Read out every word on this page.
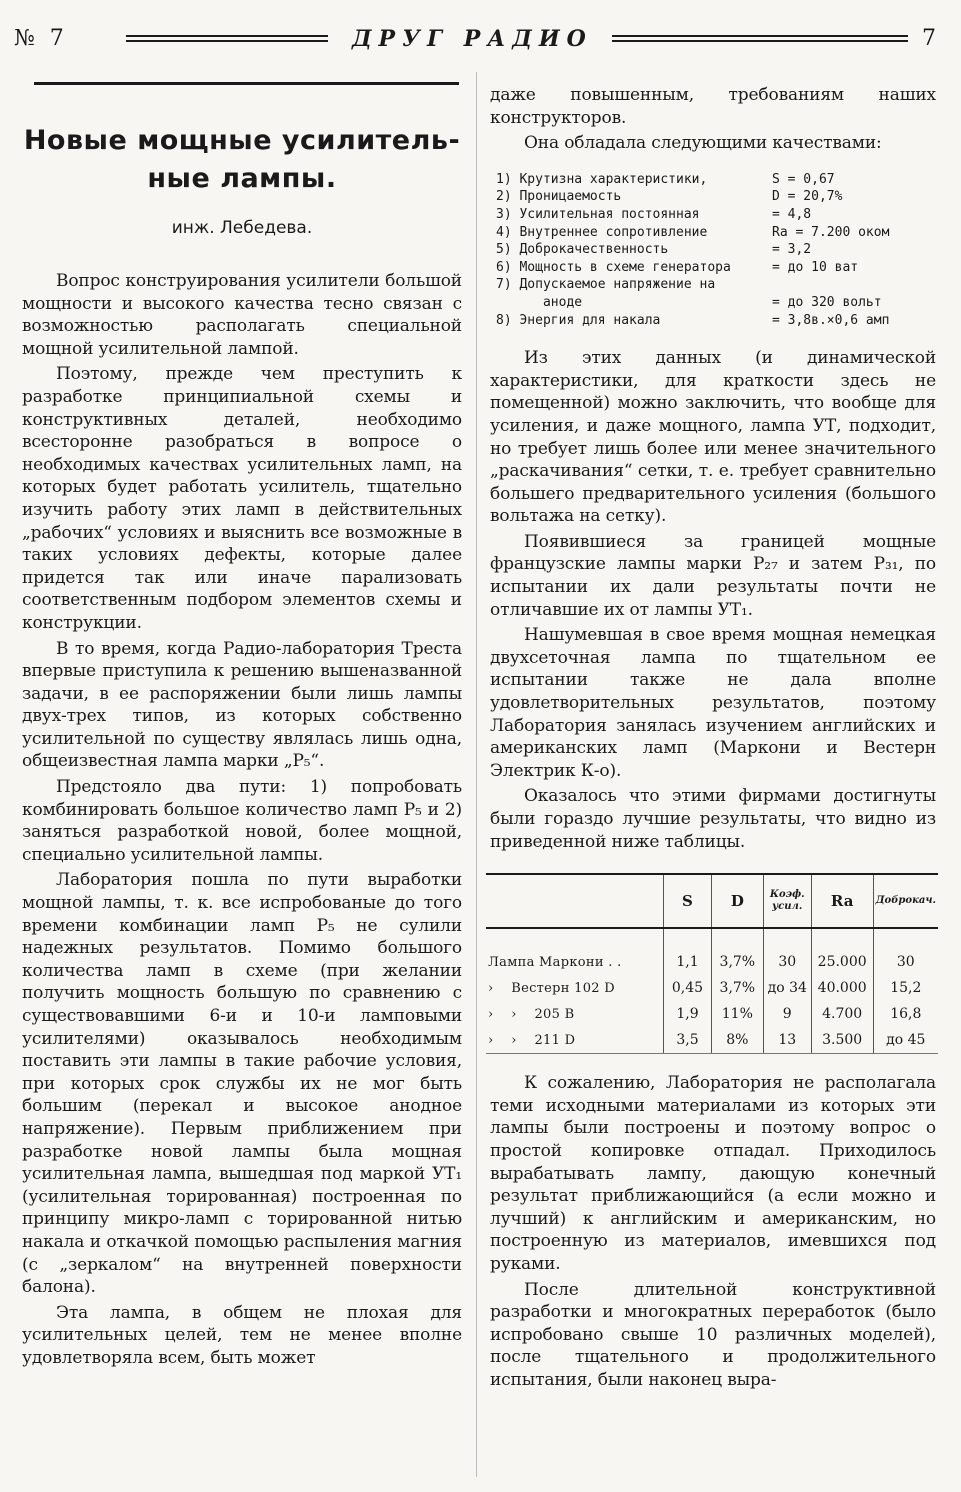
№ 7	ДРУГ РАДИО	7
Новые мощные усилитель-
ные лампы.
инж. Лебедева.

Вопрос конструирования усилители большой мощности и высокого качества тесно связан с возможностью располагать специальной мощной усилительной лампой.

Поэтому, прежде чем преступить к разработке принципиальной схемы и конструктивных деталей, необходимо всесторонне разобраться в вопросе о необходимых качествах усилительных ламп, на которых будет работать усилитель, тщательно изучить работу этих ламп в действительных „рабочих“ условиях и выяснить все возможные в таких условиях дефекты, которые далее придется так или иначе парализовать соответственным подбором элементов схемы и конструкции.

В то время, когда Радио-лаборатория Треста впервые приступила к решению вышеназванной задачи, в ее распоряжении были лишь лампы двух-трех типов, из которых собственно усилительной по существу являлась лишь одна, общеизвестная лампа марки „Р₅“.

Предстояло два пути: 1) попробовать комбинировать большое количество ламп Р₅ и 2) заняться разработкой новой, более мощной, специально усилительной лампы.

Лаборатория пошла по пути выработки мощной лампы, т. к. все испробованые до того времени комбинации ламп Р₅ не сулили надежных результатов. Помимо большого количества ламп в схеме (при желании получить мощность большую по сравнению с существовавшими 6-и и 10-и ламповыми усилителями) оказывалось необходимым поставить эти лампы в такие рабочие условия, при которых срок службы их не мог быть большим (перекал и высокое анодное напряжение). Первым приближением при разработке новой лампы была мощная усилительная лампа, вышедшая под маркой УТ₁ (усилительная торированная) построенная по принципу микро-ламп с торированной нитью накала и откачкой помощью распыления магния (с „зеркалом“ на внутренней поверхности балона).

Эта лампа, в общем не плохая для усилительных целей, тем не менее вполне удовлетворяла всем, быть может

даже повышенным, требованиям наших конструкторов.

Она обладала следующими качествами:

1) Крутизна характеристики,	S = 0,67
2) Проницаемость	D = 20,7%
3) Усилительная постоянная	= 4,8
4) Внутреннее сопротивление	Ra = 7.200 оком
5) Доброкачественность	= 3,2
6) Мощность в схеме генератора	= до 10 ват
7) Допускаемое напряжение на
аноде	= до 320 вольт
8) Энергия для накала	= 3,8в.×0,6 амп

Из этих данных (и динамической характеристики, для краткости здесь не помещенной) можно заключить, что вообще для усиления, и даже мощного, лампа УТ, подходит, но требует лишь более или менее значительного „раскачивания“ сетки, т. е. требует сравнительно большего предварительного усиления (большого вольтажа на сетку).

Появившиеся за границей мощные французские лампы марки Р₂₇ и затем Р₃₁, по испытании их дали результаты почти не отличавшие их от лампы УТ₁.

Нашумевшая в свое время мощная немецкая двухсеточная лампа по тщательном ее испытании также не дала вполне удовлетворительных результатов, поэтому Лаборатория занялась изучением английских и американских ламп (Маркони и Вестерн Электрик К-о).

Оказалось что этими фирмами достигнуты были гораздо лучшие результаты, что видно из приведенной ниже таблицы.

	S	D	Коэф. усил.	Ra	Доброкач.

Лампа Маркони . .	1,1	3,7%	30	25.000	30
›    Вестерн 102 D	0,45	3,7%	до 34	40.000	15,2
›    ›    205 B	1,9	11%	9	4.700	16,8
›    ›    211 D	3,5	8%	13	3.500	до 45

К сожалению, Лаборатория не располагала теми исходными материалами из которых эти лампы были построены и поэтому вопрос о простой копировке отпадал. Приходилось вырабатывать лампу, дающую конечный результат приближающийся (а если можно и лучший) к английским и американским, но построенную из материалов, имевшихся под руками.

После длительной конструктивной разработки и многократных переработок (было испробовано свыше 10 различных моделей), после тщательного и продолжительного испытания, были наконец выра-
